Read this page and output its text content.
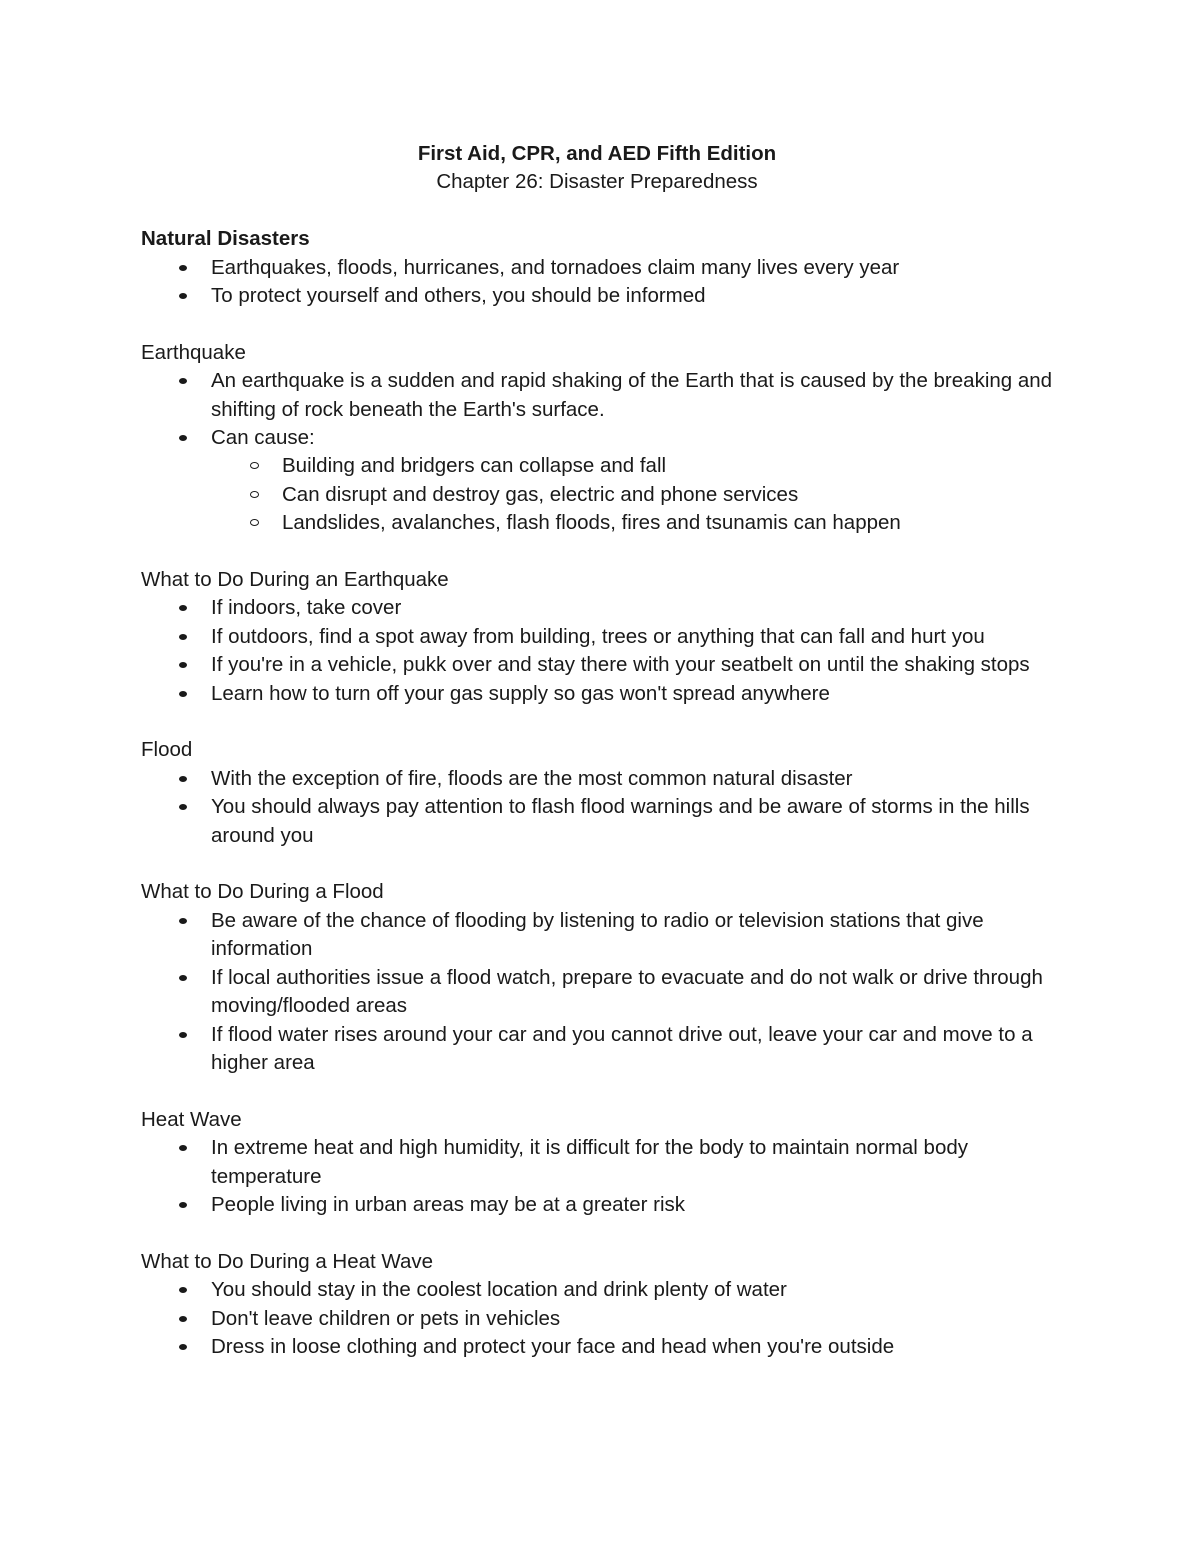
First Aid, CPR, and AED Fifth Edition

Chapter 26: Disaster Preparedness

Natural Disasters

Earthquakes, floods, hurricanes, and tornadoes claim many lives every year
To protect yourself and others, you should be informed

Earthquake

An earthquake is a sudden and rapid shaking of the Earth that is caused by the breaking and shifting of rock beneath the Earth's surface.
Can cause:
Building and bridgers can collapse and fall
Can disrupt and destroy gas, electric and phone services
Landslides, avalanches, flash floods, fires and tsunamis can happen

What to Do During an Earthquake

If indoors, take cover
If outdoors, find a spot away from building, trees or anything that can fall and hurt you
If you're in a vehicle, pukk over and stay there with your seatbelt on until the shaking stops
Learn how to turn off your gas supply so gas won't spread anywhere

Flood

With the exception of fire, floods are the most common natural disaster
You should always pay attention to flash flood warnings and be aware of storms in the hills around you

What to Do During a Flood

Be aware of the chance of flooding by listening to radio or television stations that give information
If local authorities issue a flood watch, prepare to evacuate and do not walk or drive through moving/flooded areas
If flood water rises around your car and you cannot drive out, leave your car and move to a higher area

Heat Wave

In extreme heat and high humidity, it is difficult for the body to maintain normal body temperature
People living in urban areas may be at a greater risk

What to Do During a Heat Wave

You should stay in the coolest location and drink plenty of water
Don't leave children or pets in vehicles
Dress in loose clothing and protect your face and head when you're outside
